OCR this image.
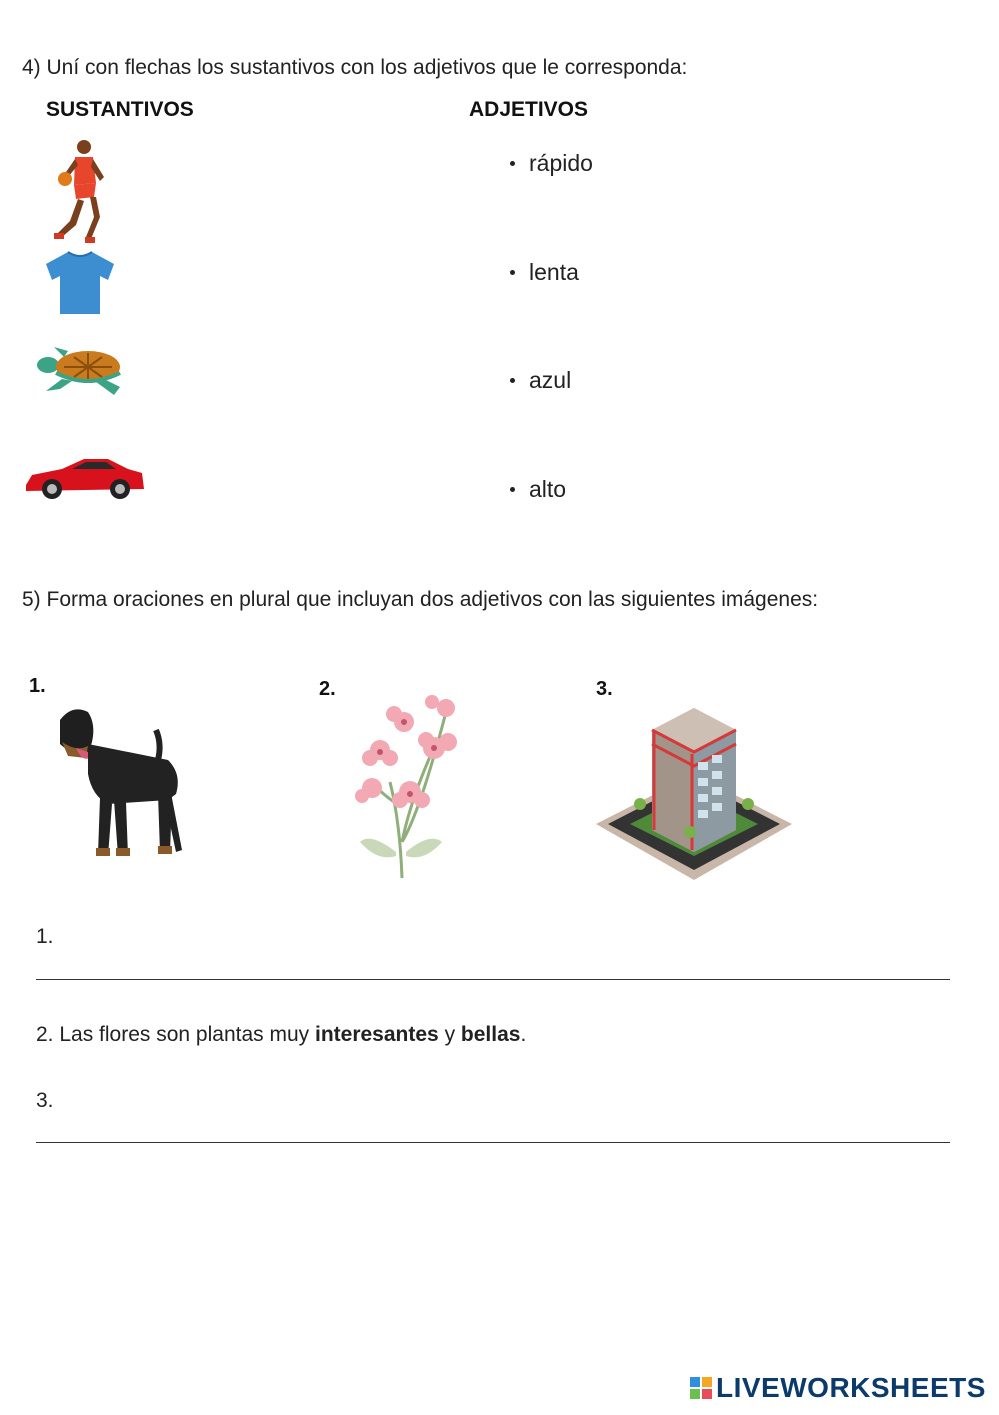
4) Uní con flechas los sustantivos con los adjetivos que le corresponda:
SUSTANTIVOS	ADJETIVOS
rápido
lenta
azul
alto
5) Forma oraciones en plural que incluyan dos adjetivos con las siguientes imágenes:
1.	2.	3.
1.
2. Las flores son plantas muy interesantes y bellas.
3.
LIVEWORKSHEETS
